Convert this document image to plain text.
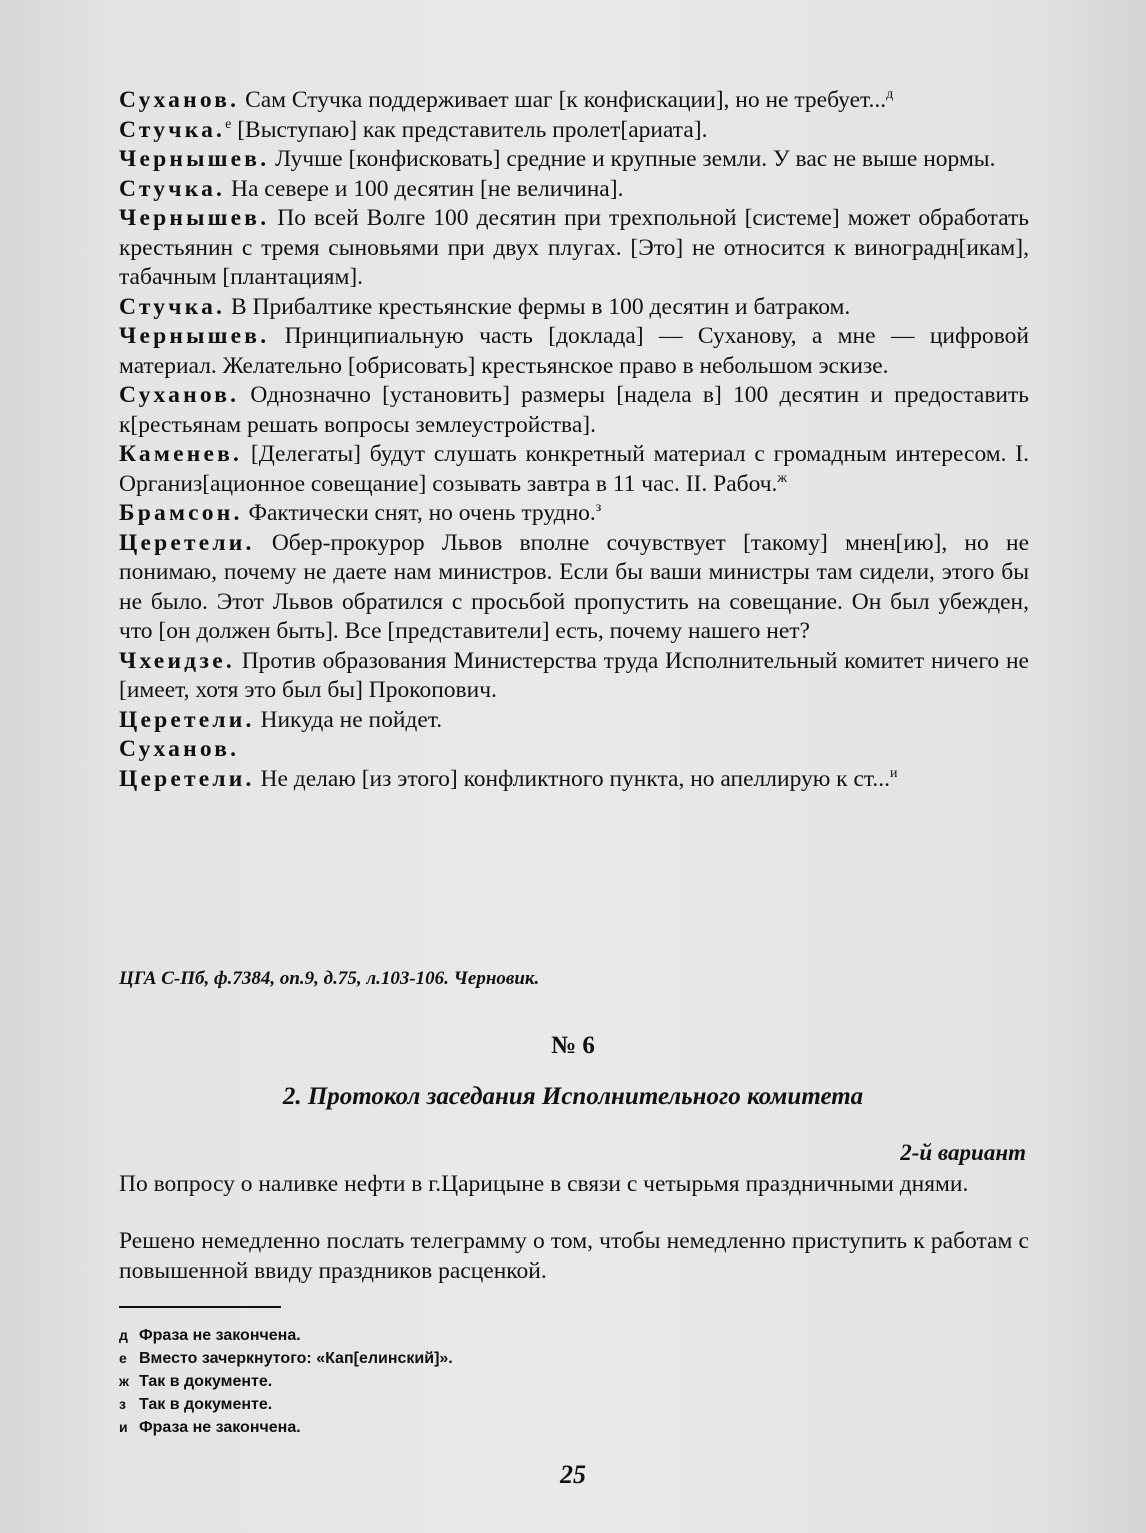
Суханов. Сам Стучка поддерживает шаг [к конфискации], но не требует...$^д$

Стучка.$^е$ [Выступаю] как представитель пролет[ариата].

Чернышев. Лучше [конфисковать] средние и крупные земли. У вас не выше нормы.

Стучка. На севере и 100 десятин [не величина].

Чернышев. По всей Волге 100 десятин при трехпольной [системе] может обработать крестьянин с тремя сыновьями при двух плугах. [Это] не относится к виноградн[икам], табачным [плантациям].

Стучка. В Прибалтике крестьянские фермы в 100 десятин и батраком.

Чернышев. Принципиальную часть [доклада] — Суханову, а мне — цифровой материал. Желательно [обрисовать] крестьянское право в небольшом эскизе.

Суханов. Однозначно [установить] размеры [надела в] 100 десятин и предоставить к[рестьянам решать вопросы землеустройства].

Каменев. [Делегаты] будут слушать конкретный материал с громадным интересом. I. Организ[ационное совещание] созывать завтра в 11 час. II. Рабоч.$^ж$

Брамсон. Фактически снят, но очень трудно.$^з$

Церетели. Обер-прокурор Львов вполне сочувствует [такому] мнен[ию], но не понимаю, почему не даете нам министров. Если бы ваши министры там сидели, этого бы не было. Этот Львов обратился с просьбой пропустить на совещание. Он был убежден, что [он должен быть]. Все [представители] есть, почему нашего нет?

Чхеидзе. Против образования Министерства труда Исполнительный комитет ничего не [имеет, хотя это был бы] Прокопович.

Церетели. Никуда не пойдет.

Суханов.

Церетели. Не делаю [из этого] конфликтного пункта, но апеллирую к ст...$^и$

ЦГА С-Пб, ф.7384, оп.9, д.75, л.103-106. Черновик.
№ 6
2. Протокол заседания Исполнительного комитета
2-й вариант
По вопросу о наливке нефти в г.Царицыне в связи с четырьмя праздничными днями.
Решено немедленно послать телеграмму о том, чтобы немедленно приступить к работам с повышенной ввиду праздников расценкой.
д Фраза не закончена.
е Вместо зачеркнутого: «Кап[елинский]».
ж Так в документе.
з Так в документе.
и Фраза не закончена.
25
